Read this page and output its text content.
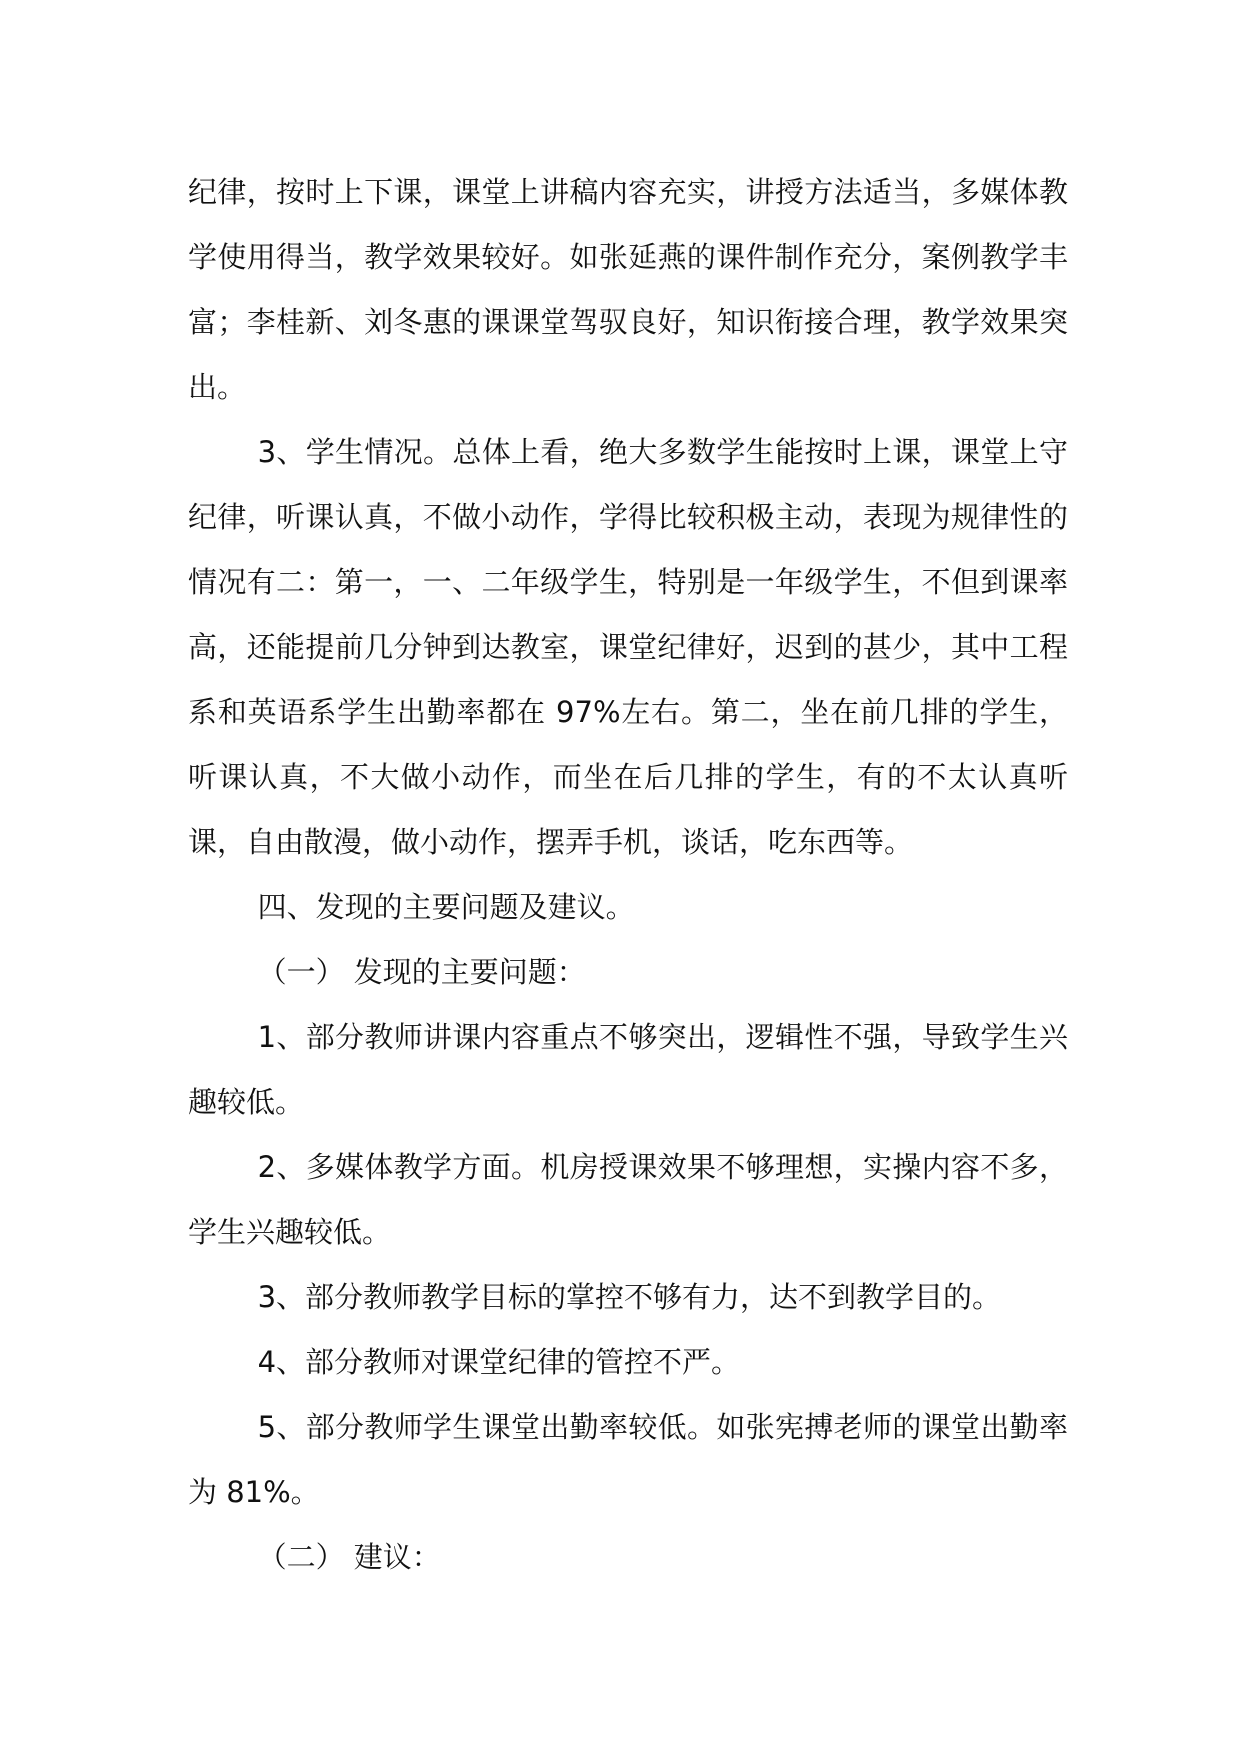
纪律，按时上下课，课堂上讲稿内容充实，讲授方法适当，多媒体教学使用得当，教学效果较好。如张延燕的课件制作充分，案例教学丰富；李桂新、刘冬惠的课课堂驾驭良好，知识衔接合理，教学效果突出。

3、学生情况。总体上看，绝大多数学生能按时上课，课堂上守纪律，听课认真，不做小动作，学得比较积极主动，表现为规律性的情况有二：第一，一、二年级学生，特别是一年级学生，不但到课率高，还能提前几分钟到达教室，课堂纪律好，迟到的甚少，其中工程系和英语系学生出勤率都在 97%左右。第二，坐在前几排的学生，听课认真，不大做小动作，而坐在后几排的学生，有的不太认真听课，自由散漫，做小动作，摆弄手机，谈话，吃东西等。

四、发现的主要问题及建议。

（一） 发现的主要问题：

1、部分教师讲课内容重点不够突出，逻辑性不强，导致学生兴趣较低。

2、多媒体教学方面。机房授课效果不够理想，实操内容不多，学生兴趣较低。

3、部分教师教学目标的掌控不够有力，达不到教学目的。

4、部分教师对课堂纪律的管控不严。

5、部分教师学生课堂出勤率较低。如张宪搏老师的课堂出勤率为 81%。

（二） 建议：
